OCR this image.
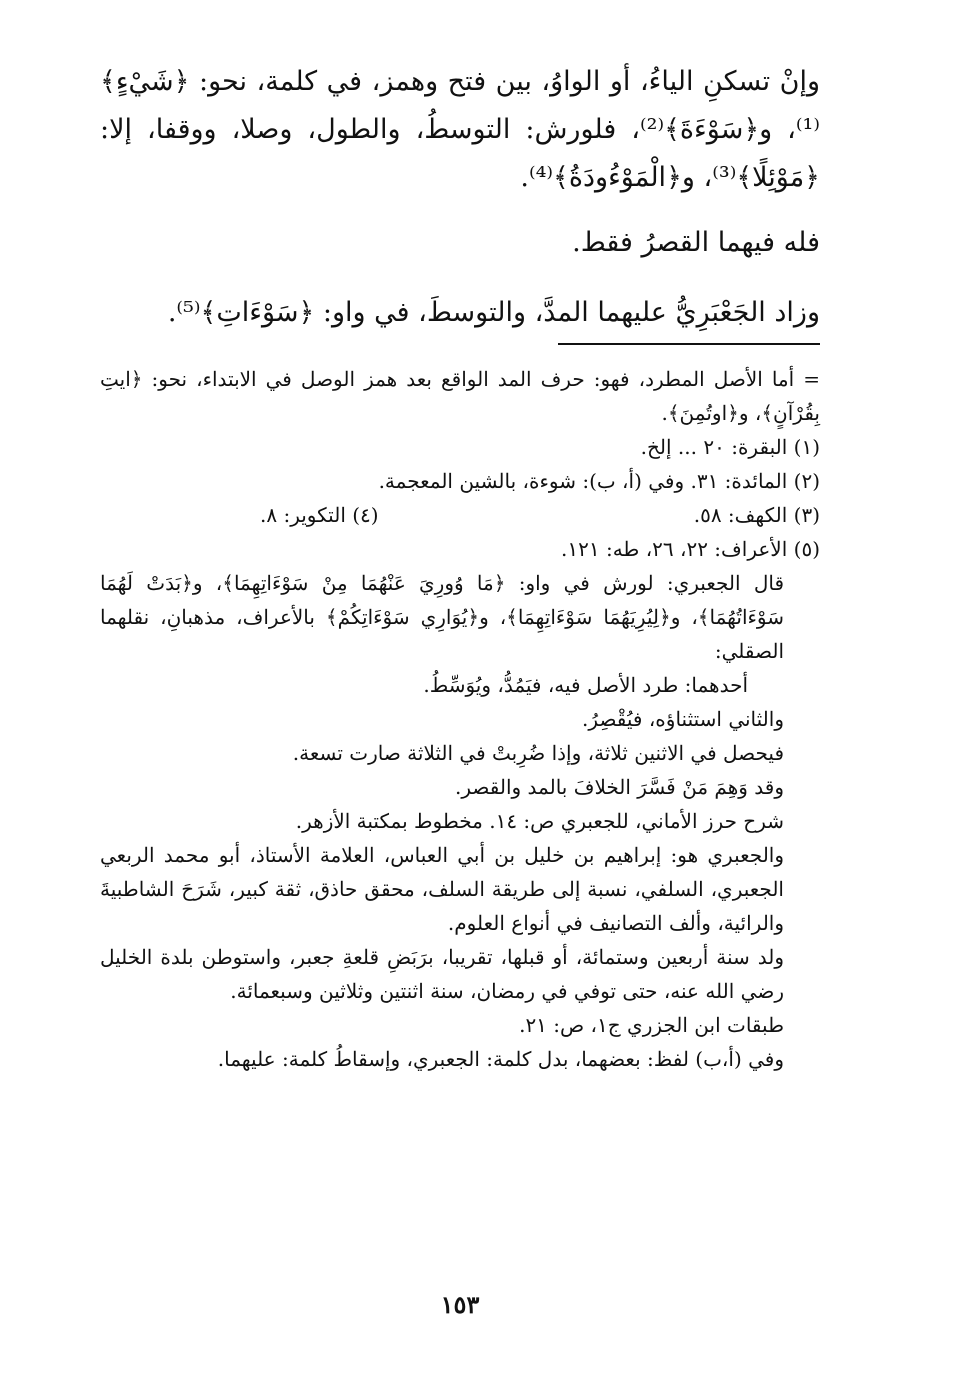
وإنْ تسكنِ الياءُ، أو الواوُ، بين فتح وهمز، في كلمة، نحو: ﴿شَيْءٍ﴾⁽¹⁾، و﴿سَوْءَةَ﴾⁽²⁾، فلورش: التوسطُ، والطول، وصلا، ووقفا، إلا: ﴿مَوْئِلًا﴾⁽³⁾، و﴿الْمَوْءُودَةُ﴾⁽⁴⁾.

فله فيهما القصرُ فقط.

وزاد الجَعْبَرِيُّ عليهما المدَّ، والتوسطَ، في واو: ﴿سَوْءَاتِ﴾⁽⁵⁾.

= أما الأصل المطرد، فهو: حرف المد الواقع بعد همز الوصل في الابتداء، نحو: ﴿ايتِ بِقُرْآنٍ﴾، و﴿اوتُمِنَ﴾.

(١) البقرة: ٢٠ ... إلخ.

(٢) المائدة: ٣١. وفي (أ، ب): شوءة، بالشين المعجمة.

(٣) الكهف: ٥٨.
(٤) التكوير: ٨.

(٥) الأعراف: ٢٢، ٢٦، طه: ١٢١.

قال الجعبري: لورش في واو: ﴿مَا وُورِيَ عَنْهُمَا مِنْ سَوْءَاتِهِمَا﴾، و﴿بَدَتْ لَهُمَا سَوْءَاتُهُمَا﴾، و﴿لِيُرِيَهُمَا سَوْءَاتِهِمَا﴾، و﴿يُوَارِي سَوْءَاتِكُمْ﴾ بالأعراف، مذهبانِ، نقلهما الصقلي:

أحدهما: طرد الأصل فيه، فيَمُدُّ، ويُوَسِّطُ.

والثاني استثناؤه، فيُقْصِرُ.

فيحصل في الاثنين ثلاثة، وإذا ضُرِبتْ في الثلاثة صارت تسعة.

وقد وَهِمَ مَنْ فَسَّرَ الخلافَ بالمد والقصر.

شرح حرز الأماني، للجعبري ص: ١٤. مخطوط بمكتبة الأزهر.

والجعبري هو: إبراهيم بن خليل بن أبي العباس، العلامة الأستاذ، أبو محمد الربعي الجعبري، السلفي، نسبة إلى طريقة السلف، محقق حاذق، ثقة كبير، شَرَحَ الشاطبيةَ والرائية، وألف التصانيف في أنواع العلوم.

ولد سنة أربعين وستمائة، أو قبلها، تقريبا، برَبَضِ قلعةِ جعبر، واستوطن بلدة الخليل رضي الله عنه، حتى توفي في رمضان، سنة اثنتين وثلاثين وسبعمائة.

طبقات ابن الجزري ج١، ص: ٢١.

وفي (أ،ب) لفظ: بعضهما، بدل كلمة: الجعبري، وإسقاطُ كلمة: عليهما.

١٥٣
